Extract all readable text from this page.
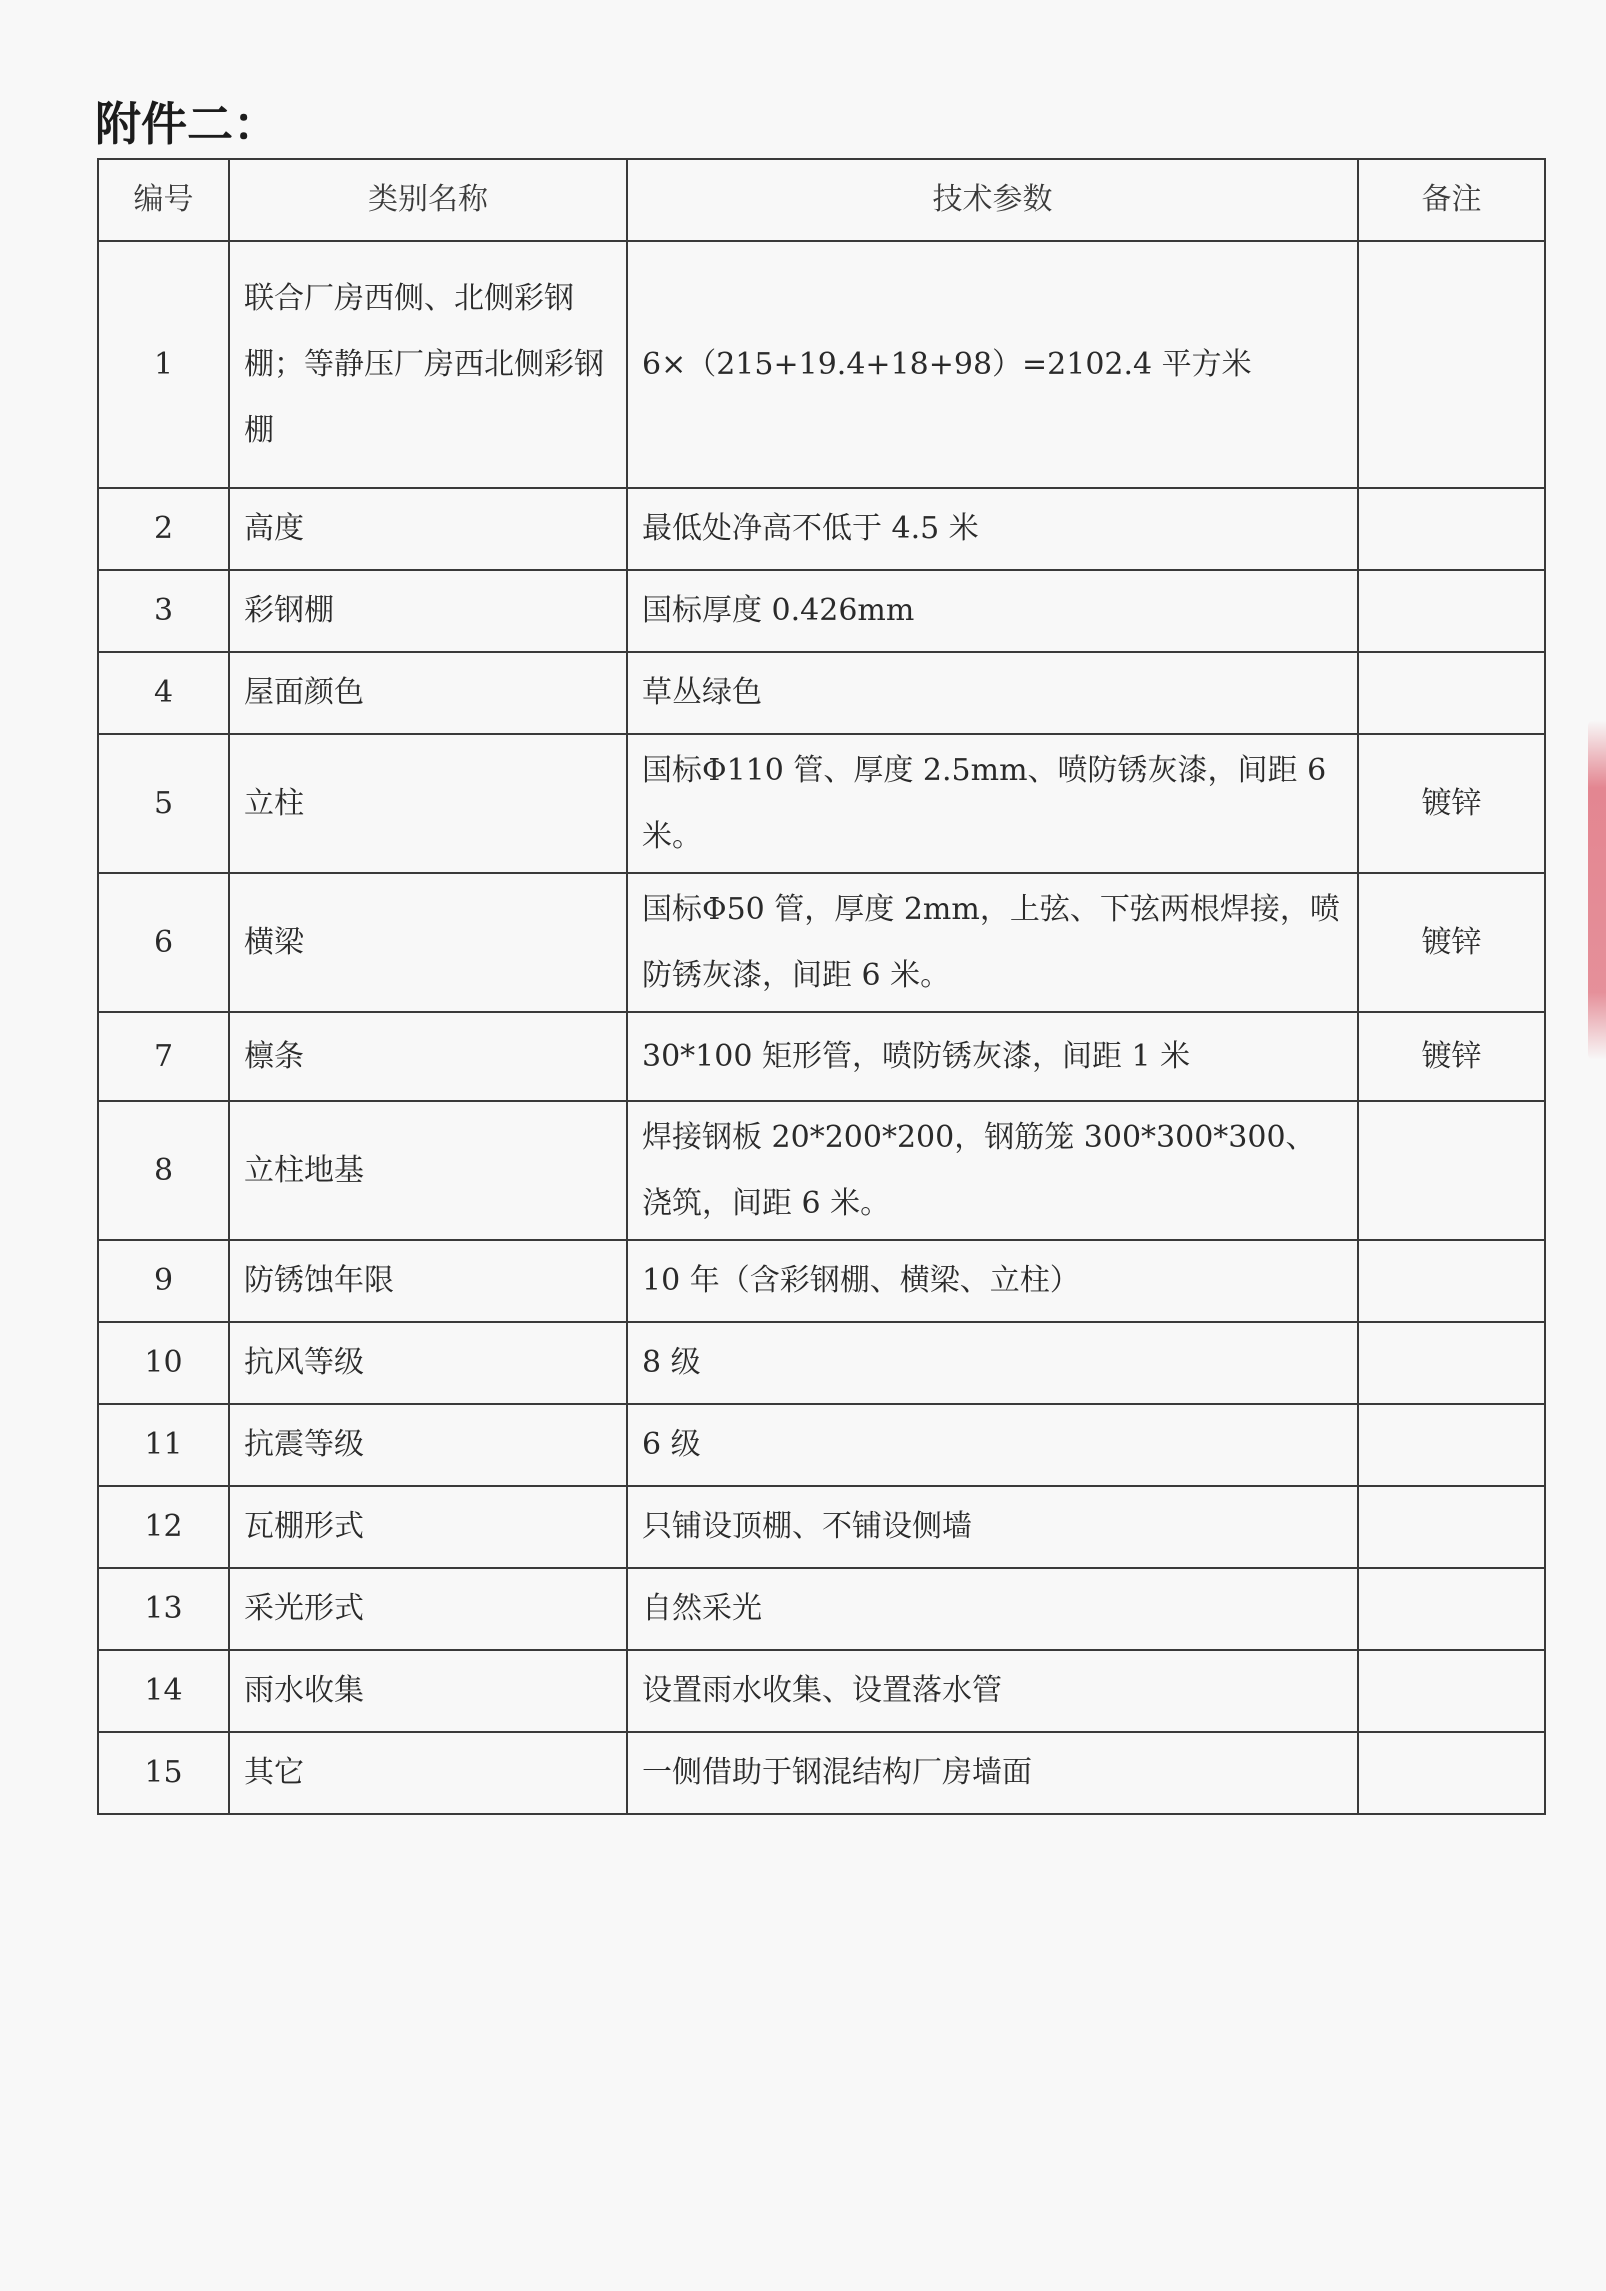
附件二：
编号	类别名称	技术参数	备注
1	联合厂房西侧、北侧彩钢棚；等静压厂房西北侧彩钢棚	6×（215+19.4+18+98）=2102.4 平方米	
2	高度	最低处净高不低于 4.5 米	
3	彩钢棚	国标厚度 0.426mm	
4	屋面颜色	草丛绿色	
5	立柱	国标Φ110 管、厚度 2.5mm、喷防锈灰漆，间距 6 米。	镀锌
6	横梁	国标Φ50 管，厚度 2mm，上弦、下弦两根焊接，喷防锈灰漆，间距 6 米。	镀锌
7	檩条	30*100 矩形管，喷防锈灰漆，间距 1 米	镀锌
8	立柱地基	焊接钢板 20*200*200，钢筋笼 300*300*300、浇筑，间距 6 米。	
9	防锈蚀年限	10 年（含彩钢棚、横梁、立柱）	
10	抗风等级	8 级	
11	抗震等级	6 级	
12	瓦棚形式	只铺设顶棚、不铺设侧墙	
13	采光形式	自然采光	
14	雨水收集	设置雨水收集、设置落水管	
15	其它	一侧借助于钢混结构厂房墙面	
